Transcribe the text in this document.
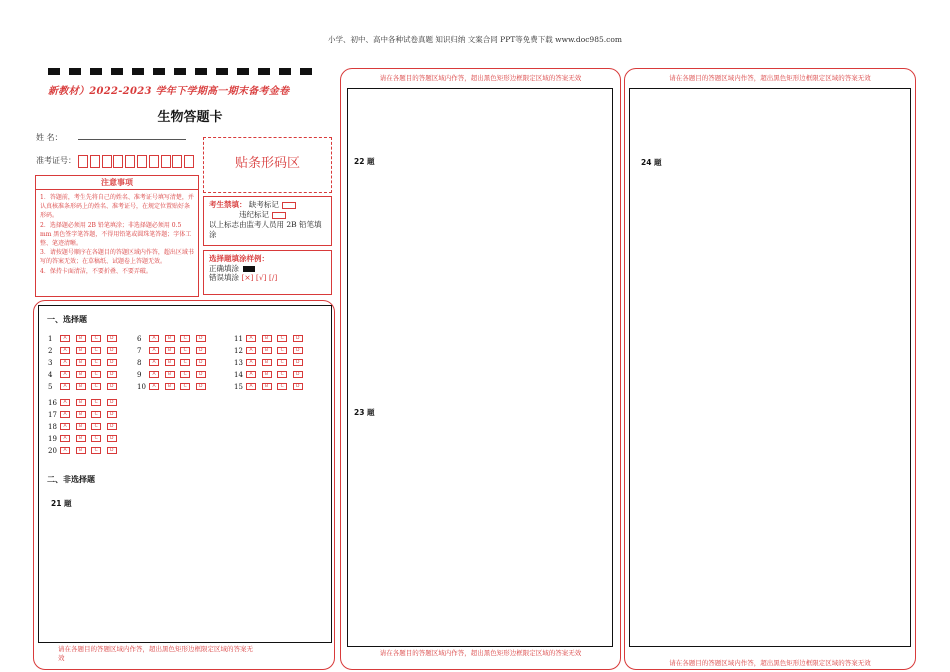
小学、初中、高中各种试卷真题 知识归纳 文案合同 PPT等免费下载 www.doc985.com
新教材）2022-2023 学年下学期高一期末备考金卷
生物答题卡
姓 名：
准考证号：
注意事项
1．答题前，考生先将自己的姓名、准考证号填写清楚，并认真核准条形码上的姓名、准考证号，在规定位置贴好条形码。
2．选择题必须用 2B 铅笔填涂；非选择题必须用 0.5 mm 黑色签字笔答题，不得用铅笔或圆珠笔答题；字体工整、笔迹清晰。
3．请按题号顺序在各题目的答题区域内作答，超出区域书写的答案无效；在草稿纸、试题卷上答题无效。
4．保持卡面清洁，不要折叠、不要弄破。
贴条形码区
考生禁填： 缺考标记
违纪标记
以上标志由监考人员用 2B 铅笔填涂
选择题填涂样例：
正确填涂
错误填涂 [×] [√] [/]
一、选择题
1	A	B	C	D
2	A	B	C	D
3	A	B	C	D
4	A	B	C	D
5	A	B	C	D
6	A	B	C	D
7	A	B	C	D
8	A	B	C	D
9	A	B	C	D
10	A	B	C	D
11	A	B	C	D
12	A	B	C	D
13	A	B	C	D
14	A	B	C	D
15	A	B	C	D
16	A	B	C	D
17	A	B	C	D
18	A	B	C	D
19	A	B	C	D
20	A	B	C	D
二、非选择题
21 题
请在各题目的答题区域内作答，超出黑色矩形边框限定区域的答案无
效
请在各题目的答题区域内作答，超出黑色矩形边框限定区域的答案无效
22 题
23 题
请在各题目的答题区域内作答，超出黑色矩形边框限定区域的答案无效
请在各题目的答题区域内作答，超出黑色矩形边框限定区域的答案无效
24 题
请在各题目的答题区域内作答，超出黑色矩形边框限定区域的答案无效
